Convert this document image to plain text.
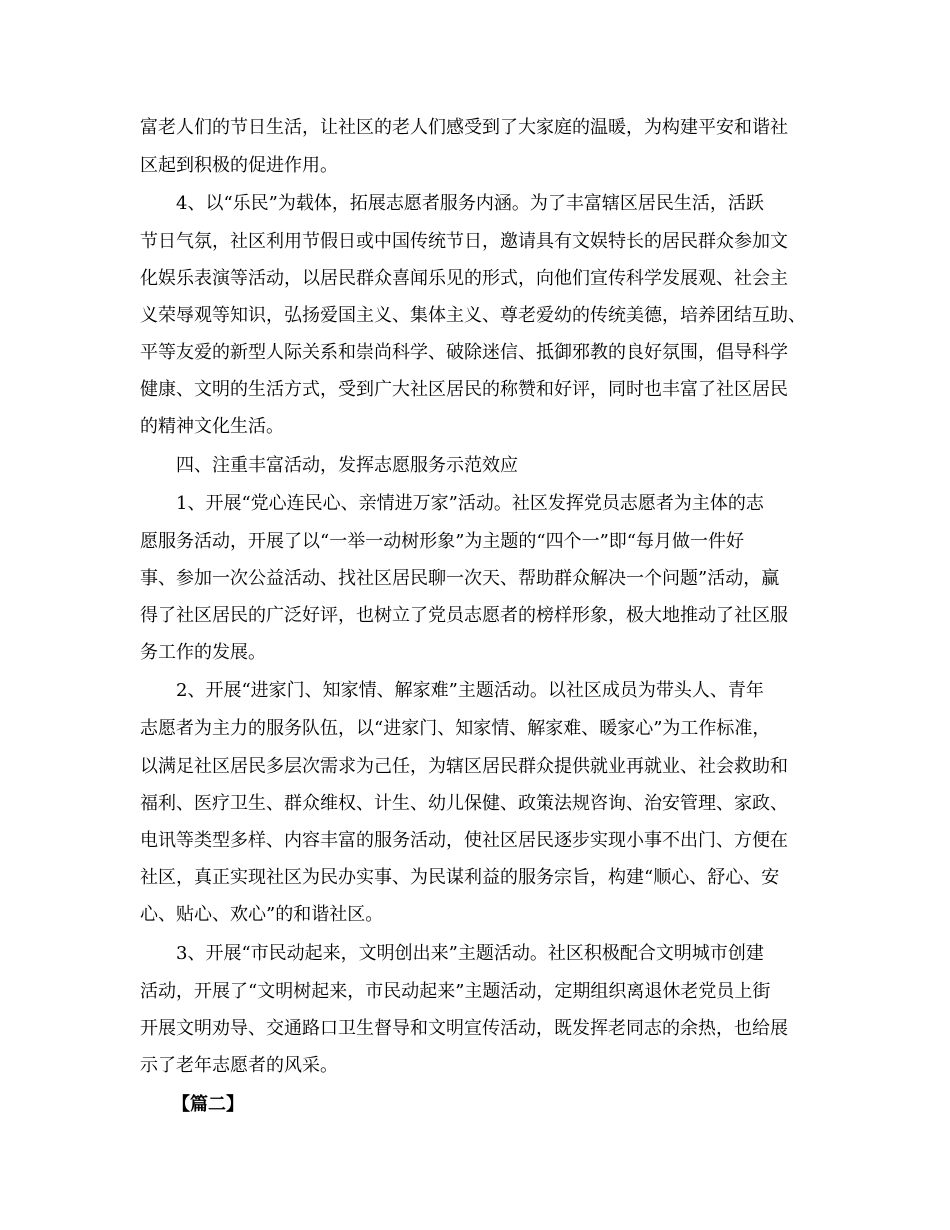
富老人们的节日生活，让社区的老人们感受到了大家庭的温暖，为构建平安和谐社
区起到积极的促进作用。
4、以“乐民”为载体，拓展志愿者服务内涵。为了丰富辖区居民生活，活跃
节日气氛，社区利用节假日或中国传统节日，邀请具有文娱特长的居民群众参加文
化娱乐表演等活动，以居民群众喜闻乐见的形式，向他们宣传科学发展观、社会主
义荣辱观等知识，弘扬爱国主义、集体主义、尊老爱幼的传统美德，培养团结互助、
平等友爱的新型人际关系和崇尚科学、破除迷信、抵御邪教的良好氛围，倡导科学
健康、文明的生活方式，受到广大社区居民的称赞和好评，同时也丰富了社区居民
的精神文化生活。
四、注重丰富活动，发挥志愿服务示范效应
1、开展“党心连民心、亲情进万家”活动。社区发挥党员志愿者为主体的志
愿服务活动，开展了以“一举一动树形象”为主题的“四个一”即“每月做一件好
事、参加一次公益活动、找社区居民聊一次天、帮助群众解决一个问题”活动，赢
得了社区居民的广泛好评，也树立了党员志愿者的榜样形象，极大地推动了社区服
务工作的发展。
2、开展“进家门、知家情、解家难”主题活动。以社区成员为带头人、青年
志愿者为主力的服务队伍，以“进家门、知家情、解家难、暖家心”为工作标准，
以满足社区居民多层次需求为己任，为辖区居民群众提供就业再就业、社会救助和
福利、医疗卫生、群众维权、计生、幼儿保健、政策法规咨询、治安管理、家政、
电讯等类型多样、内容丰富的服务活动，使社区居民逐步实现小事不出门、方便在
社区，真正实现社区为民办实事、为民谋利益的服务宗旨，构建“顺心、舒心、安
心、贴心、欢心”的和谐社区。
3、开展“市民动起来，文明创出来”主题活动。社区积极配合文明城市创建
活动，开展了“文明树起来，市民动起来”主题活动，定期组织离退休老党员上街
开展文明劝导、交通路口卫生督导和文明宣传活动，既发挥老同志的余热，也给展
示了老年志愿者的风采。
【篇二】
